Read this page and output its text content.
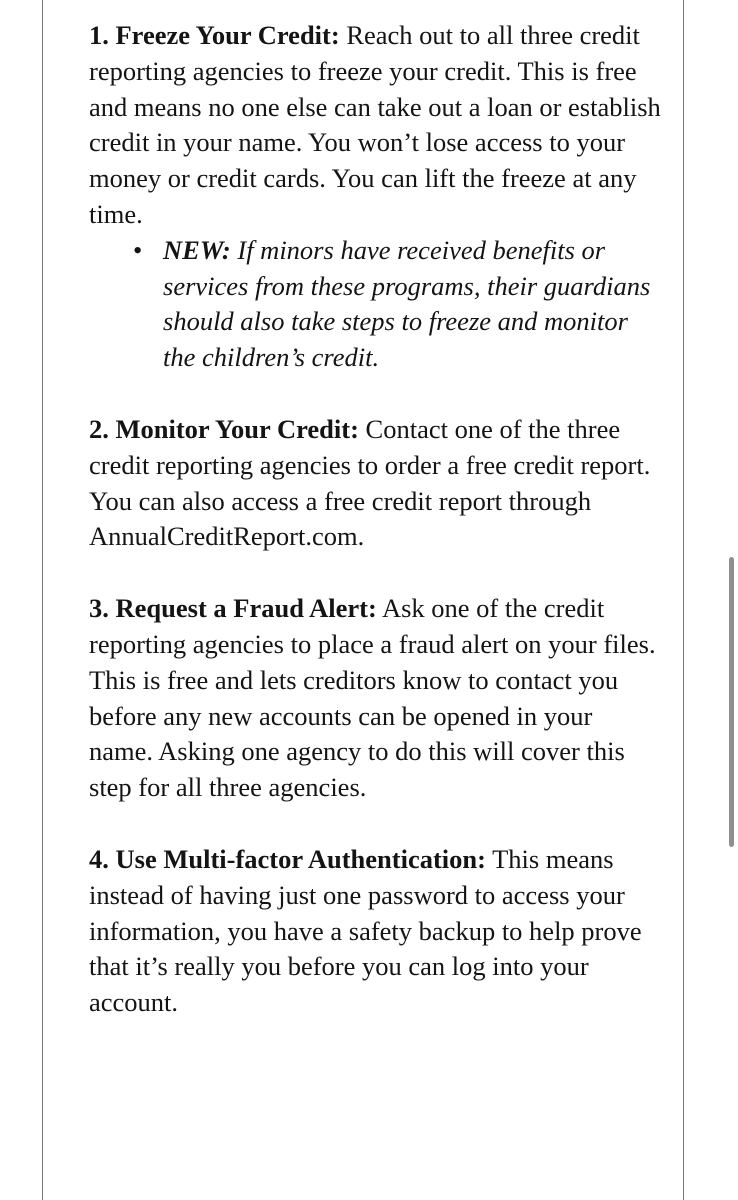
1. Freeze Your Credit: Reach out to all three credit reporting agencies to freeze your credit. This is free and means no one else can take out a loan or establish credit in your name. You won’t lose access to your money or credit cards. You can lift the freeze at any time.

• NEW: If minors have received benefits or services from these programs, their guardians should also take steps to freeze and monitor the children’s credit.

2. Monitor Your Credit: Contact one of the three credit reporting agencies to order a free credit report. You can also access a free credit report through AnnualCreditReport.com.

3. Request a Fraud Alert: Ask one of the credit reporting agencies to place a fraud alert on your files. This is free and lets creditors know to contact you before any new accounts can be opened in your name. Asking one agency to do this will cover this step for all three agencies.

4. Use Multi-factor Authentication: This means instead of having just one password to access your information, you have a safety backup to help prove that it’s really you before you can log into your account.
